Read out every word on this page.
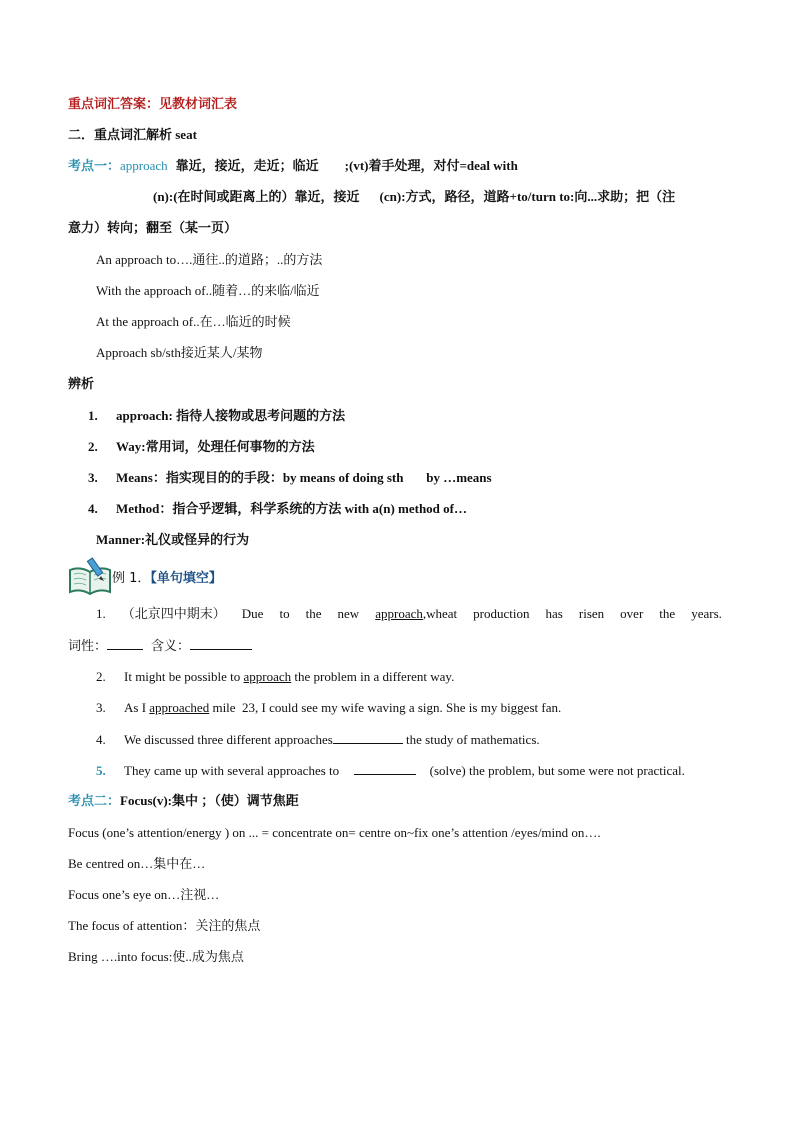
重点词汇答案：见教材词汇表
二．重点词汇解析 seat
考点一：approach 靠近，接近，走近；临近 ;(vt)着手处理，对付=deal with
(n):(在时间或距离上的）靠近，接近 (cn):方式，路径，道路+to/turn to:向...求助；把（注
意力）转向；翻至（某一页）
An approach to….通往..的道路；..的方法
With the approach of..随着…的来临/临近
At the approach of..在…临近的时候
Approach sb/sth接近某人/某物
辨析
1. approach: 指待人接物或思考问题的方法
2. Way:常用词，处理任何事物的方法
3. Means：指实现目的的手段：by means of doing sth       by …means
4. Method：指合乎逻辑，科学系统的方法 with a(n) method of…
Manner:礼仪或怪异的行为
例 1．【单句填空】
1. （北京四中期末） Due to the new approach,wheat production has risen over the years.
词性：	含义：
2. It might be possible to approach the problem in a different way.
3. As I approached mile  23, I could see my wife waving a sign. She is my biggest fan.
4. We discussed three different approaches	the study of mathematics.
5. They came up with several approaches to	(solve) the problem, but some were not practical.
考点二：Focus(v):集中 ；（使）调节焦距
Focus (one’s attention/energy ) on ... = concentrate on= centre on~fix one’s attention /eyes/mind on….
Be centred on…集中在…
Focus one’s eye on…注视…
The focus of attention：关注的焦点
Bring ….into focus:使..成为焦点
